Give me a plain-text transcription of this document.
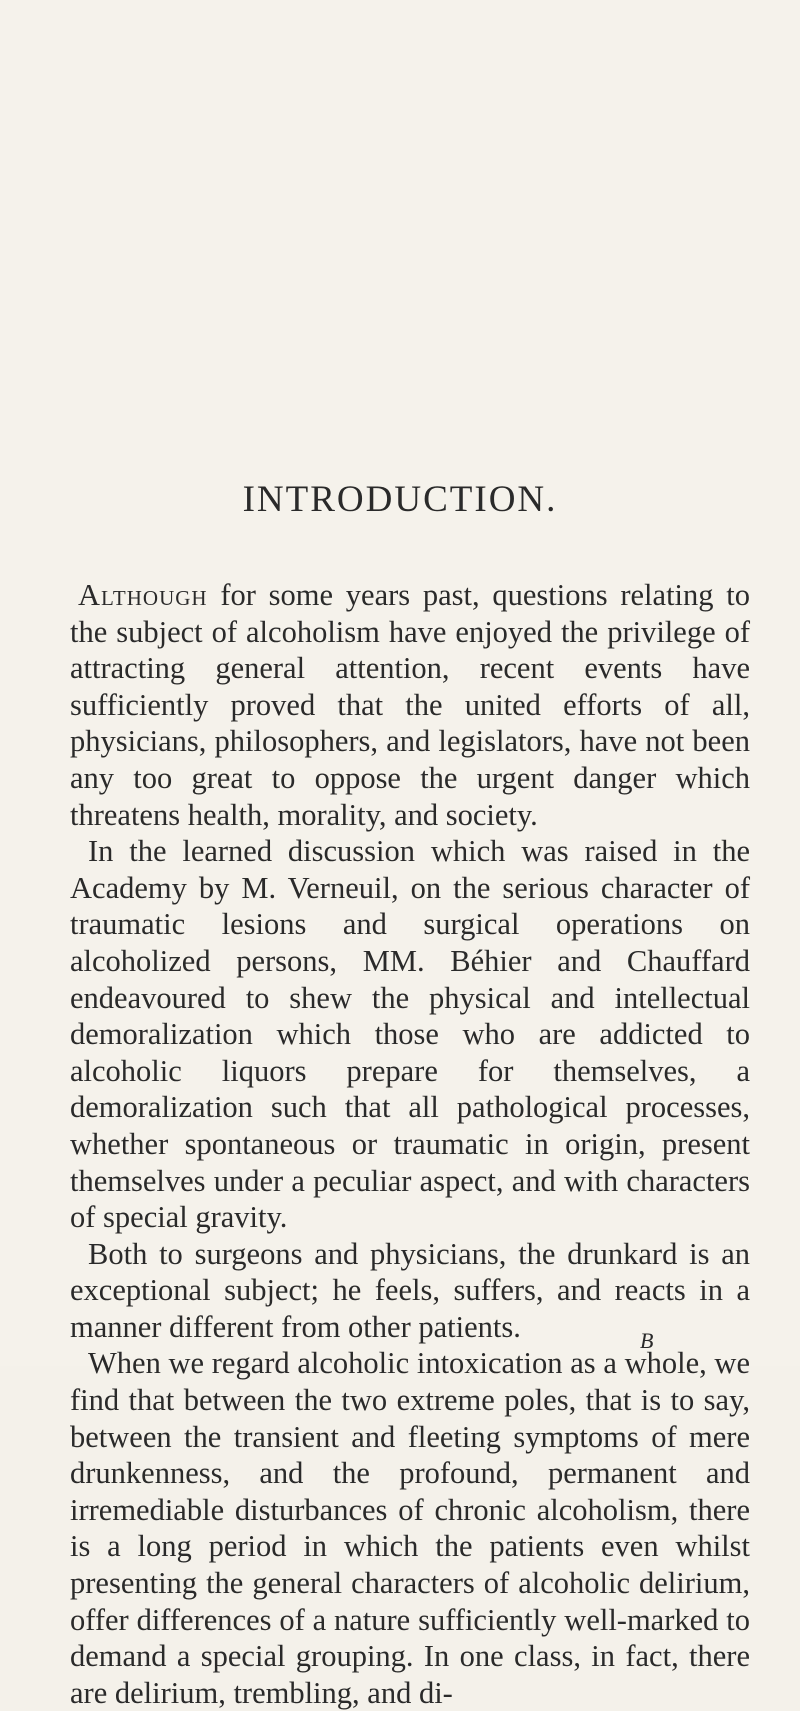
INTRODUCTION.

Although for some years past, questions relating to the subject of alcoholism have enjoyed the privilege of attracting general attention, recent events have sufficiently proved that the united efforts of all, physicians, philosophers, and legislators, have not been any too great to oppose the urgent danger which threatens health, morality, and society.

In the learned discussion which was raised in the Academy by M. Verneuil, on the serious character of traumatic lesions and surgical operations on alcoholized persons, MM. Béhier and Chauffard endeavoured to shew the physical and intellectual demoralization which those who are addicted to alcoholic liquors prepare for themselves, a demoralization such that all pathological processes, whether spontaneous or traumatic in origin, present themselves under a peculiar aspect, and with characters of special gravity.

Both to surgeons and physicians, the drunkard is an exceptional subject; he feels, suffers, and reacts in a manner different from other patients.

When we regard alcoholic intoxication as a whole, we find that between the two extreme poles, that is to say, between the transient and fleeting symptoms of mere drunkenness, and the profound, permanent and irremediable disturbances of chronic alcoholism, there is a long period in which the patients even whilst presenting the general characters of alcoholic delirium, offer differences of a nature sufficiently well-marked to demand a special grouping. In one class, in fact, there are delirium, trembling, and di-

B
